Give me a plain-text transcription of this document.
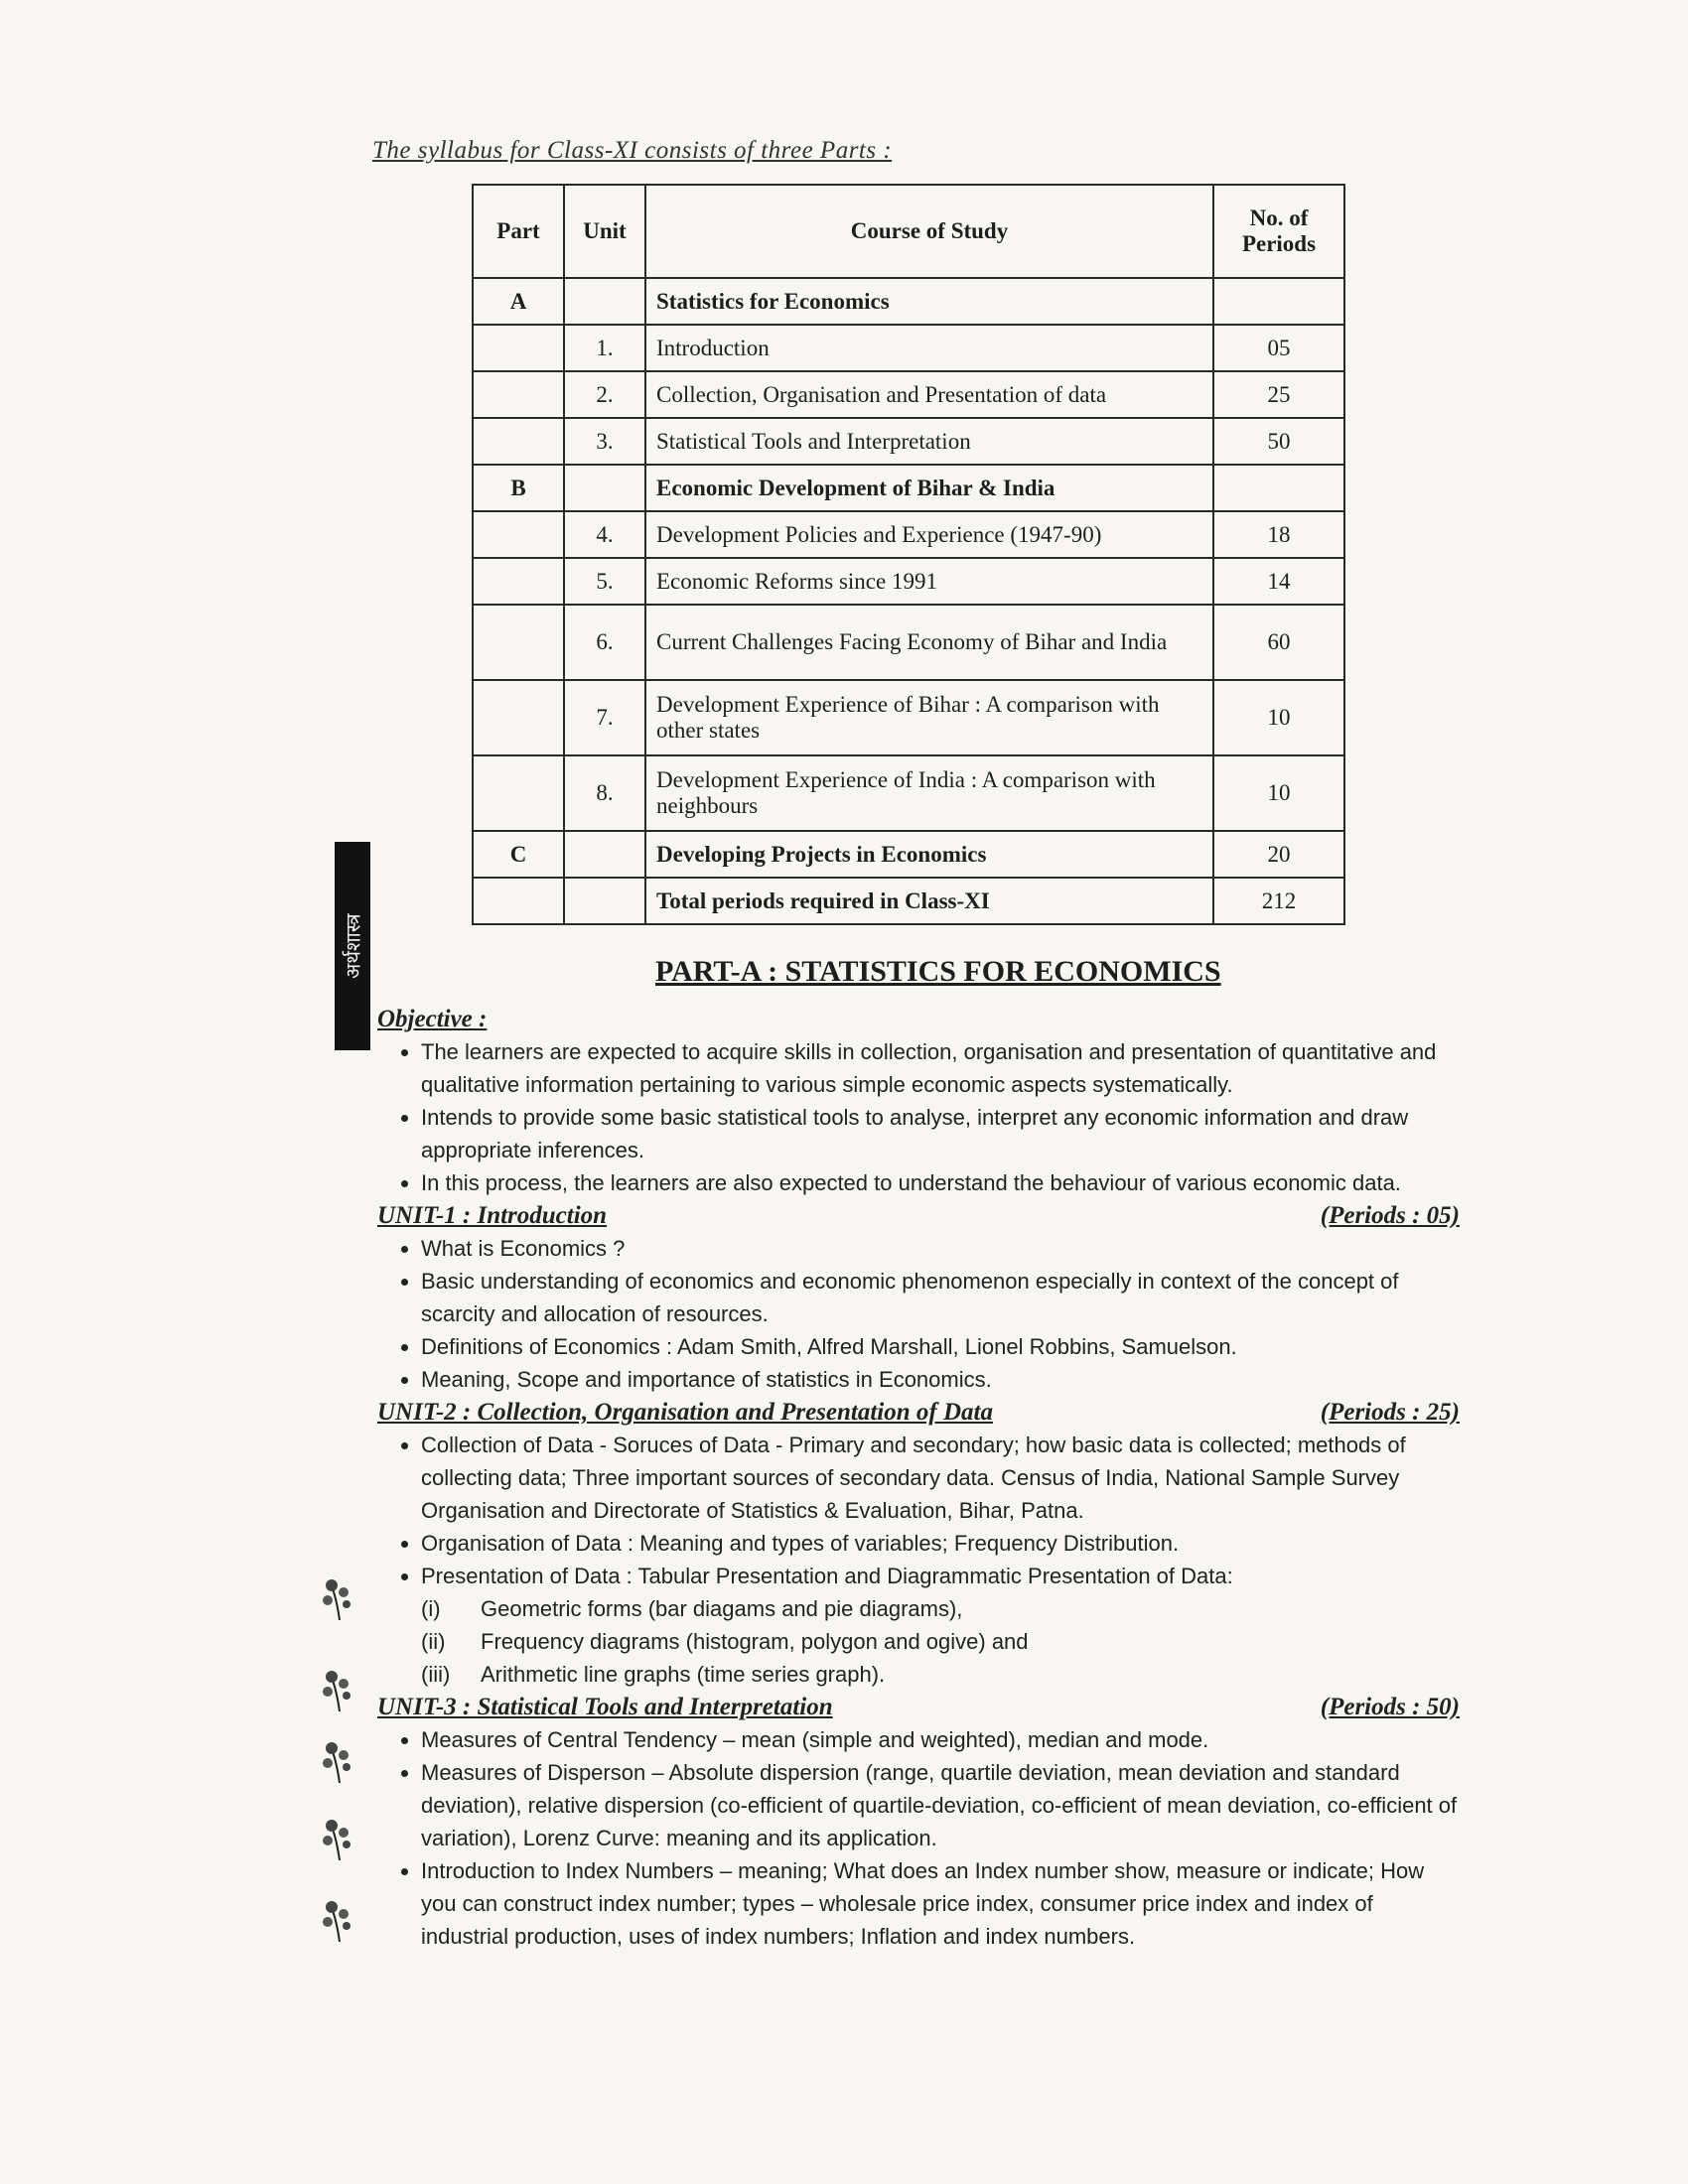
The syllabus for Class-XI consists of three Parts :
Part	Unit	Course of Study	No. of Periods
A		Statistics for Economics	
	1.	Introduction	05
	2.	Collection, Organisation and Presentation of data	25
	3.	Statistical Tools and Interpretation	50
B		Economic Development of Bihar & India	
	4.	Development Policies and Experience (1947-90)	18
	5.	Economic Reforms since 1991	14
	6.	Current Challenges Facing Economy of Bihar and India	60
	7.	Development Experience of Bihar : A comparison with other states	10
	8.	Development Experience of India : A comparison with neighbours	10
C		Developing Projects in Economics	20
		Total periods required in Class-XI	212
अर्थशास्त्र	PART-A : STATISTICS FOR ECONOMICS

Objective :

• The learners are expected to acquire skills in collection, organisation and presentation of quantitative and qualitative information pertaining to various simple economic aspects systematically.
• Intends to provide some basic statistical tools to analyse, interpret any economic information and draw appropriate inferences.
• In this process, the learners are also expected to understand the behaviour of various economic data.

UNIT-1 : Introduction	(Periods : 05)

• What is Economics ?
• Basic understanding of economics and economic phenomenon especially in context of the concept of scarcity and allocation of resources.
• Definitions of Economics : Adam Smith, Alfred Marshall, Lionel Robbins, Samuelson.
• Meaning, Scope and importance of statistics in Economics.

UNIT-2 : Collection, Organisation and Presentation of Data	(Periods : 25)

• Collection of Data - Soruces of Data - Primary and secondary; how basic data is collected; methods of collecting data; Three important sources of secondary data. Census of India, National Sample Survey Organisation and Directorate of Statistics & Evaluation, Bihar, Patna.
• Organisation of Data : Meaning and types of variables; Frequency Distribution.
• Presentation of Data : Tabular Presentation and Diagrammatic Presentation of Data:
(i)	Geometric forms (bar diagams and pie diagrams),
(ii)	Frequency diagrams (histogram, polygon and ogive) and
(iii)	Arithmetic line graphs (time series graph).

UNIT-3 : Statistical Tools and Interpretation	(Periods : 50)

• Measures of Central Tendency – mean (simple and weighted), median and mode.
• Measures of Disperson – Absolute dispersion (range, quartile deviation, mean deviation and standard deviation), relative dispersion (co-efficient of quartile-deviation, co-efficient of mean deviation, co-efficient of variation), Lorenz Curve: meaning and its application.
• Introduction to Index Numbers – meaning; What does an Index number show, measure or indicate; How you can construct index number; types – wholesale price index, consumer price index and index of industrial production, uses of index numbers; Inflation and index numbers.
